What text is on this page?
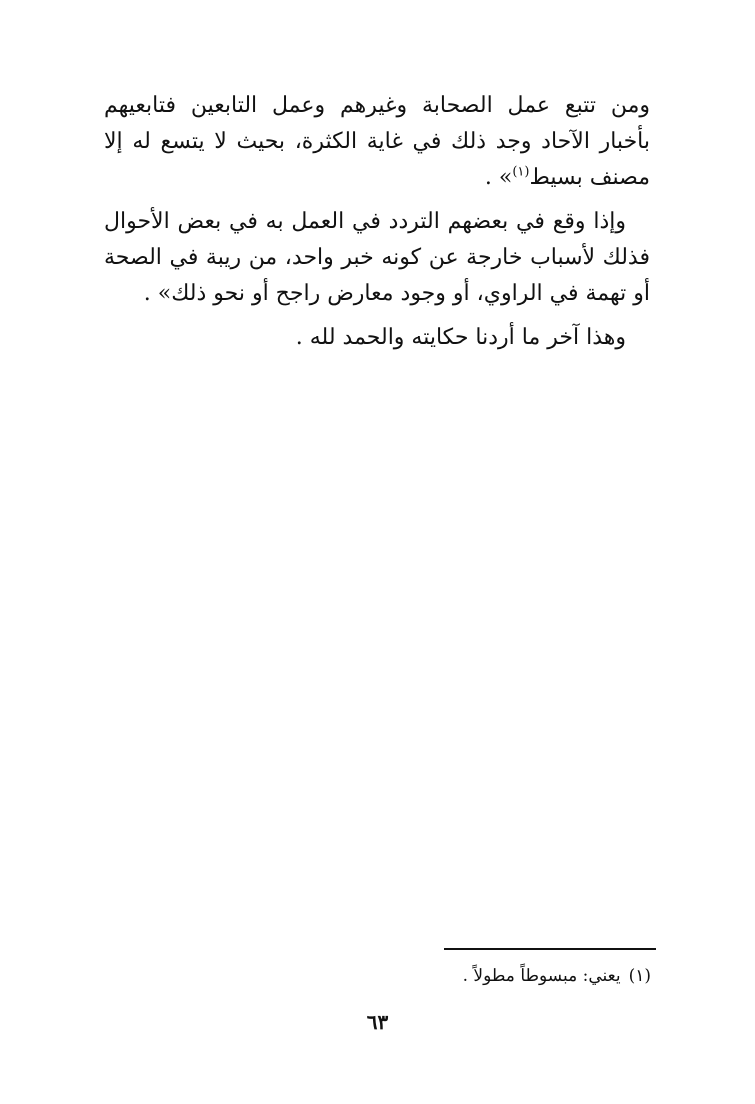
ومن تتبع عمل الصحابة وغيرهم وعمل التابعين فتابعيهم بأخبار الآحاد وجد ذلك في غاية الكثرة، بحيث لا يتسع له إلا مصنف بسيط$^{(١)}$» .

وإذا وقع في بعضهم التردد في العمل به في بعض الأحوال فذلك لأسباب خارجة عن كونه خبر واحد، من ريبة في الصحة أو تهمة في الراوي، أو وجود معارض راجح أو نحو ذلك» .

وهذا آخر ما أردنا حكايته والحمد لله .

(١)يعني: مبسوطاً مطولاً .
٦٣
